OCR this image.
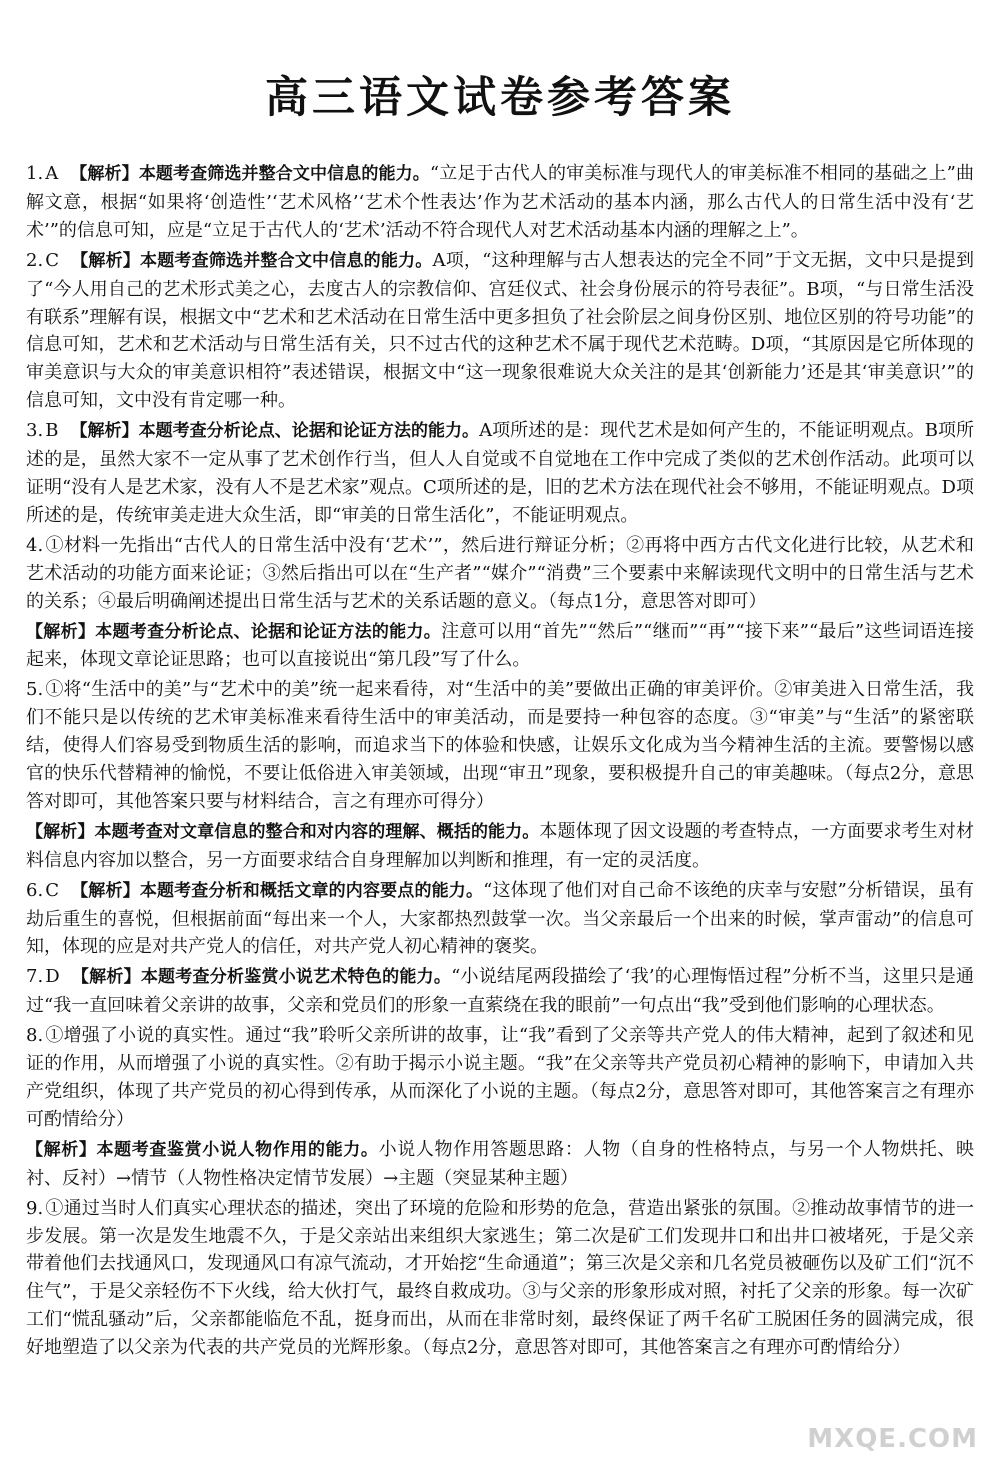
高三语文试卷参考答案

1. A 【解析】本题考查筛选并整合文中信息的能力。“立足于古代人的审美标准与现代人的审美标准不相同的基础之上”曲解文意，根据“如果将‘创造性’‘艺术风格’‘艺术个性表达’作为艺术活动的基本内涵，那么古代人的日常生活中没有‘艺术’”的信息可知，应是“立足于古代人的‘艺术’活动不符合现代人对艺术活动基本内涵的理解之上”。

2. C 【解析】本题考查筛选并整合文中信息的能力。A项，“这种理解与古人想表达的完全不同”于文无据，文中只是提到了“今人用自己的艺术形式美之心，去度古人的宗教信仰、宫廷仪式、社会身份展示的符号表征”。B项，“与日常生活没有联系”理解有误，根据文中“艺术和艺术活动在日常生活中更多担负了社会阶层之间身份区别、地位区别的符号功能”的信息可知，艺术和艺术活动与日常生活有关，只不过古代的这种艺术不属于现代艺术范畴。D项，“其原因是它所体现的审美意识与大众的审美意识相符”表述错误，根据文中“这一现象很难说大众关注的是其‘创新能力’还是其‘审美意识’”的信息可知，文中没有肯定哪一种。

3. B 【解析】本题考查分析论点、论据和论证方法的能力。A项所述的是：现代艺术是如何产生的，不能证明观点。B项所述的是，虽然大家不一定从事了艺术创作行当，但人人自觉或不自觉地在工作中完成了类似的艺术创作活动。此项可以证明“没有人是艺术家，没有人不是艺术家”观点。C项所述的是，旧的艺术方法在现代社会不够用，不能证明观点。D项所述的是，传统审美走进大众生活，即“审美的日常生活化”，不能证明观点。

4. ①材料一先指出“古代人的日常生活中没有‘艺术’”，然后进行辩证分析；②再将中西方古代文化进行比较，从艺术和艺术活动的功能方面来论证；③然后指出可以在“生产者”“媒介”“消费”三个要素中来解读现代文明中的日常生活与艺术的关系；④最后明确阐述提出日常生活与艺术的关系话题的意义。（每点1分，意思答对即可）

【解析】本题考查分析论点、论据和论证方法的能力。注意可以用“首先”“然后”“继而”“再”“接下来”“最后”这些词语连接起来，体现文章论证思路；也可以直接说出“第几段”写了什么。

5. ①将“生活中的美”与“艺术中的美”统一起来看待，对“生活中的美”要做出正确的审美评价。②审美进入日常生活，我们不能只是以传统的艺术审美标准来看待生活中的审美活动，而是要持一种包容的态度。③“审美”与“生活”的紧密联结，使得人们容易受到物质生活的影响，而追求当下的体验和快感，让娱乐文化成为当今精神生活的主流。要警惕以感官的快乐代替精神的愉悦，不要让低俗进入审美领域，出现“审丑”现象，要积极提升自己的审美趣味。（每点2分，意思答对即可，其他答案只要与材料结合，言之有理亦可得分）

【解析】本题考查对文章信息的整合和对内容的理解、概括的能力。本题体现了因文设题的考查特点，一方面要求考生对材料信息内容加以整合，另一方面要求结合自身理解加以判断和推理，有一定的灵活度。

6. C 【解析】本题考查分析和概括文章的内容要点的能力。“这体现了他们对自己命不该绝的庆幸与安慰”分析错误，虽有劫后重生的喜悦，但根据前面“每出来一个人，大家都热烈鼓掌一次。当父亲最后一个出来的时候，掌声雷动”的信息可知，体现的应是对共产党人的信任，对共产党人初心精神的褒奖。

7. D 【解析】本题考查分析鉴赏小说艺术特色的能力。“小说结尾两段描绘了‘我’的心理悔悟过程”分析不当，这里只是通过“我一直回味着父亲讲的故事，父亲和党员们的形象一直萦绕在我的眼前”一句点出“我”受到他们影响的心理状态。

8. ①增强了小说的真实性。通过“我”聆听父亲所讲的故事，让“我”看到了父亲等共产党人的伟大精神，起到了叙述和见证的作用，从而增强了小说的真实性。②有助于揭示小说主题。“我”在父亲等共产党员初心精神的影响下，申请加入共产党组织，体现了共产党员的初心得到传承，从而深化了小说的主题。（每点2分，意思答对即可，其他答案言之有理亦可酌情给分）

【解析】本题考查鉴赏小说人物作用的能力。小说人物作用答题思路：人物（自身的性格特点，与另一个人物烘托、映衬、反衬）→情节（人物性格决定情节发展）→主题（突显某种主题）

9. ①通过当时人们真实心理状态的描述，突出了环境的危险和形势的危急，营造出紧张的氛围。②推动故事情节的进一步发展。第一次是发生地震不久，于是父亲站出来组织大家逃生；第二次是矿工们发现井口和出井口被堵死，于是父亲带着他们去找通风口，发现通风口有凉气流动，才开始挖“生命通道”；第三次是父亲和几名党员被砸伤以及矿工们“沉不住气”，于是父亲轻伤不下火线，给大伙打气，最终自救成功。③与父亲的形象形成对照，衬托了父亲的形象。每一次矿工们“慌乱骚动”后，父亲都能临危不乱，挺身而出，从而在非常时刻，最终保证了两千名矿工脱困任务的圆满完成，很好地塑造了以父亲为代表的共产党员的光辉形象。（每点2分，意思答对即可，其他答案言之有理亦可酌情给分）

MXQE.COM
